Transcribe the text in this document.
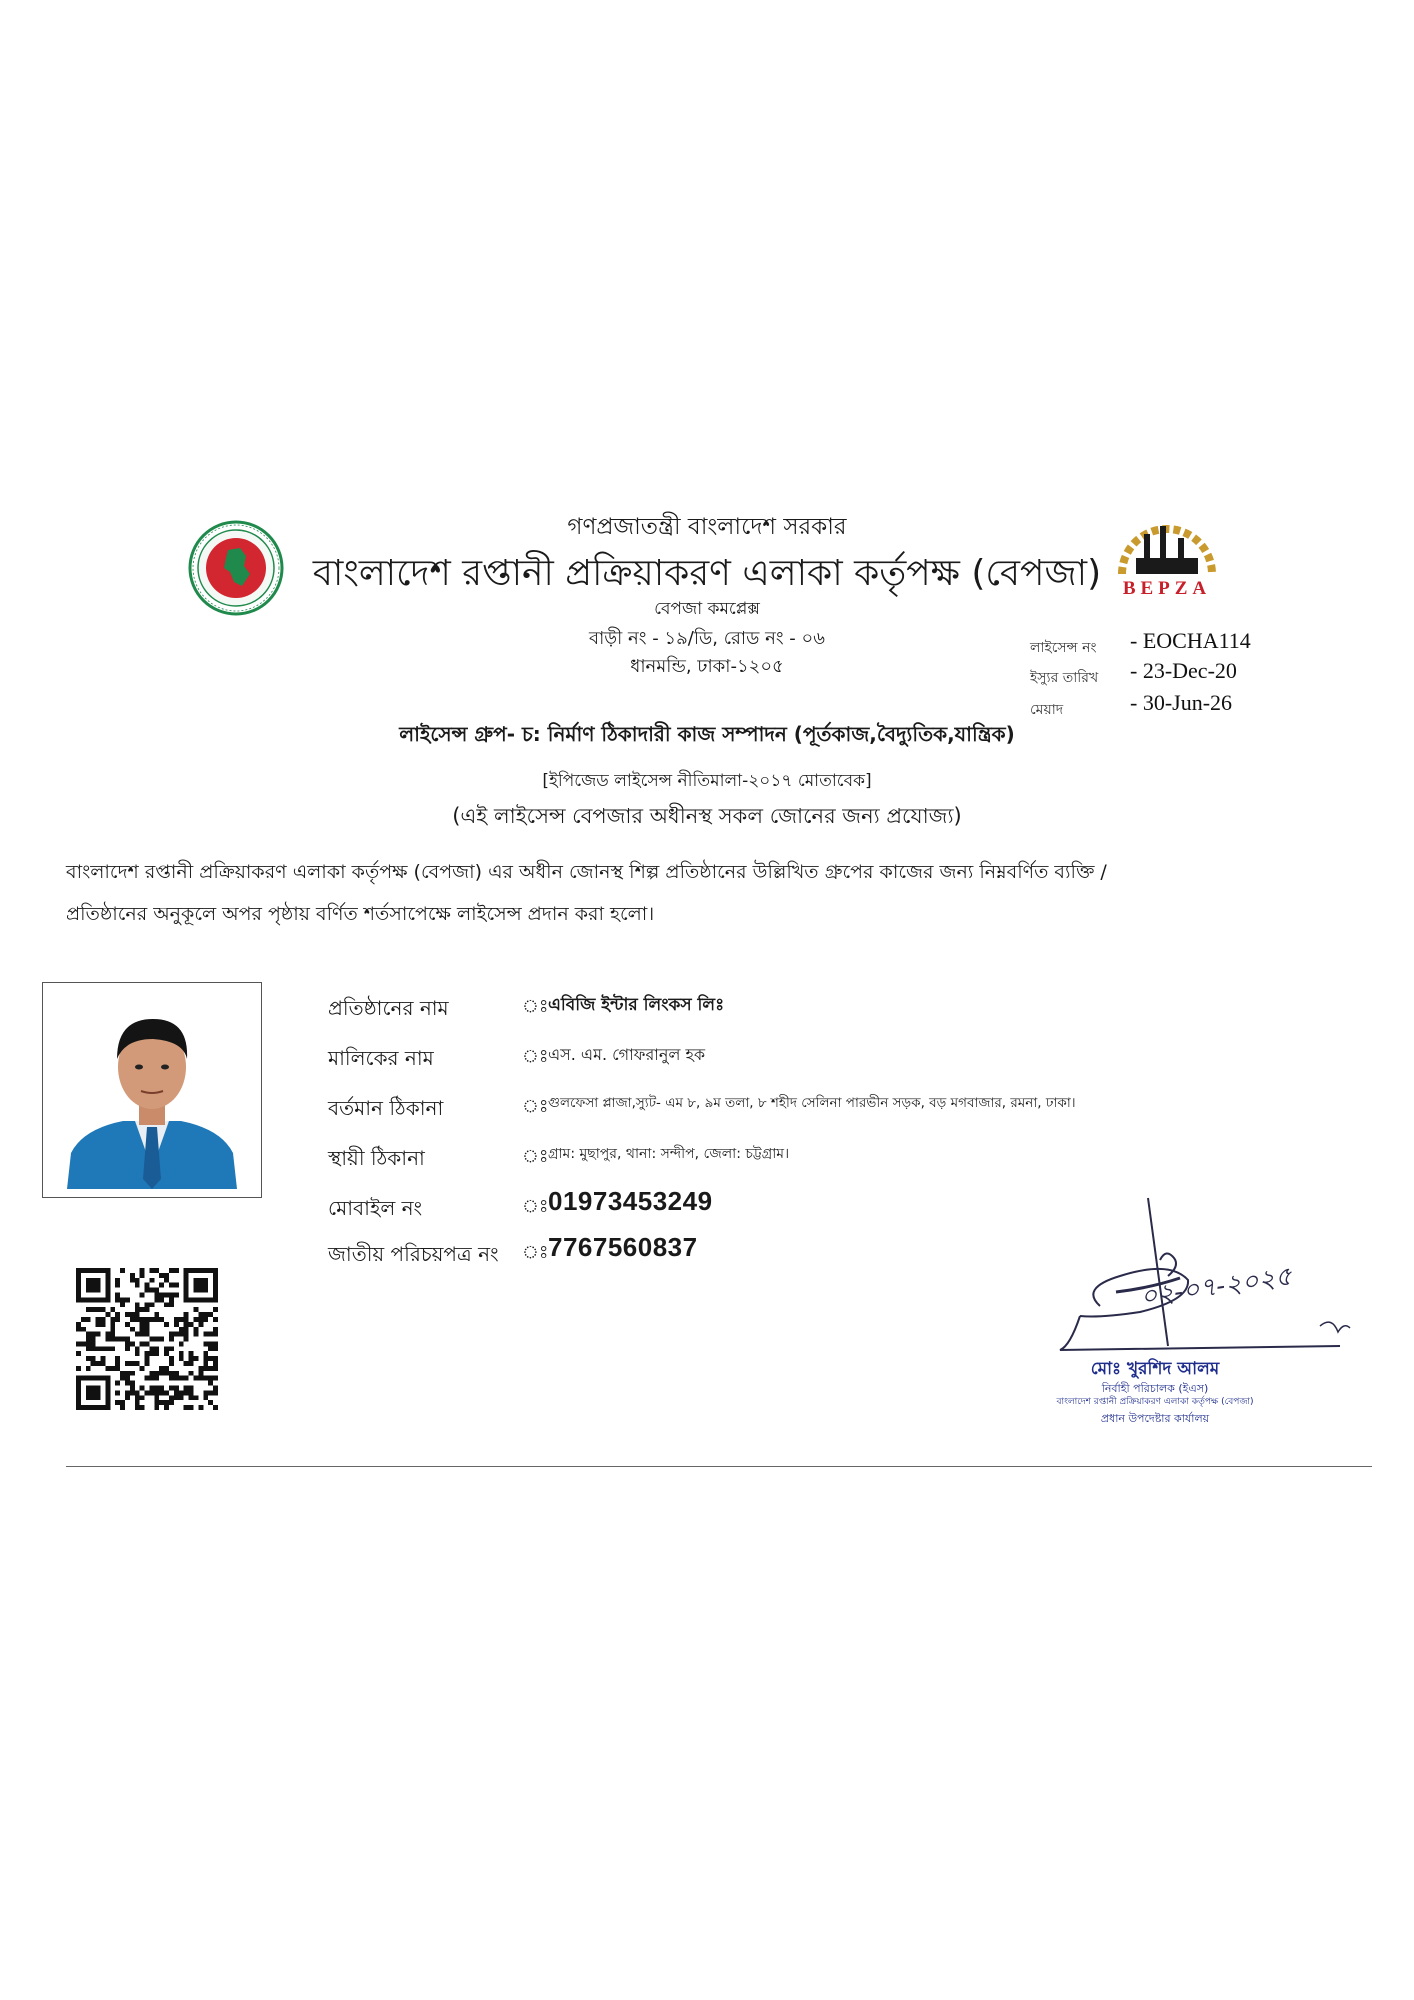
BEPZA
গণপ্রজাতন্ত্রী বাংলাদেশ সরকার
বাংলাদেশ রপ্তানী প্রক্রিয়াকরণ এলাকা কর্তৃপক্ষ (বেপজা)
বেপজা কমপ্লেক্স
বাড়ী নং - ১৯/ডি, রোড নং - ০৬
ধানমন্ডি, ঢাকা-১২০৫
লাইসেন্স নং - EOCHA114
ইস্যুর তারিখ - 23-Dec-20
মেয়াদ	- 30-Jun-26
লাইসেন্স গ্রুপ- চ: নির্মাণ ঠিকাদারী কাজ সম্পাদন (পূর্তকাজ,বৈদ্যুতিক,যান্ত্রিক)
[ইপিজেড লাইসেন্স নীতিমালা-২০১৭ মোতাবেক]
(এই লাইসেন্স বেপজার অধীনস্থ সকল জোনের জন্য প্রযোজ্য)
বাংলাদেশ রপ্তানী প্রক্রিয়াকরণ এলাকা কর্তৃপক্ষ (বেপজা) এর অধীন জোনস্থ শিল্প প্রতিষ্ঠানের উল্লিখিত গ্রুপের কাজের জন্য নিম্নবর্ণিত ব্যক্তি /
প্রতিষ্ঠানের অনুকূলে অপর পৃষ্ঠায় বর্ণিত শর্তসাপেক্ষে লাইসেন্স প্রদান করা হলো।
প্রতিষ্ঠানের নাম	ঃ এবিজি ইন্টার লিংকস লিঃ
মালিকের নাম	ঃ এস. এম. গোফরানুল হক
বর্তমান ঠিকানা	ঃ গুলফেসা প্লাজা,স্যুট- এম ৮, ৯ম তলা, ৮ শহীদ সেলিনা পারভীন সড়ক, বড় মগবাজার, রমনা, ঢাকা।
স্থায়ী ঠিকানা	ঃ গ্রাম: মুছাপুর, থানা: সন্দীপ, জেলা: চট্টগ্রাম।
মোবাইল নং	ঃ 01973453249
জাতীয় পরিচয়পত্র নং ঃ 7767560837
০২-০৭-২০২৫
মোঃ খুরশিদ আলম
নির্বাহী পরিচালক (ইএস)
বাংলাদেশ রপ্তানী প্রক্রিয়াকরণ এলাকা কর্তৃপক্ষ (বেপজা)
প্রধান উপদেষ্টার কার্যালয়
